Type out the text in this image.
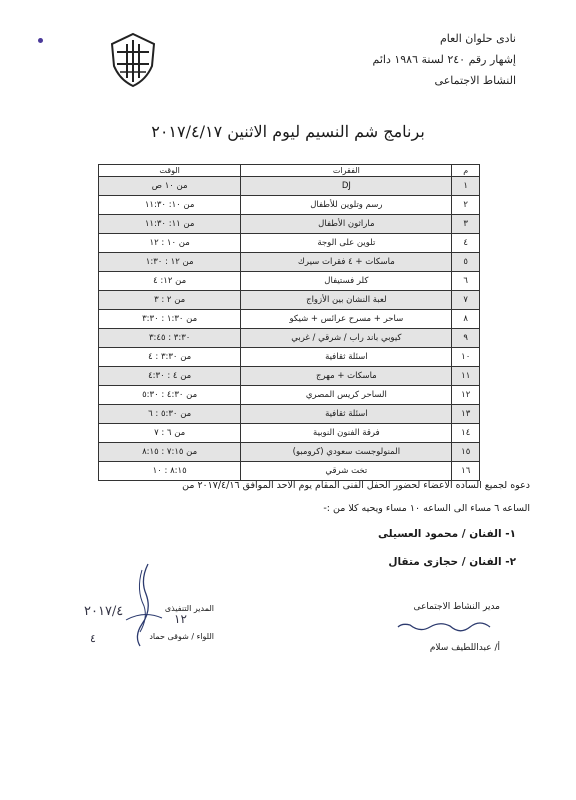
نادى حلوان العام
إشهار رقم ٢٤٠ لسنة ١٩٨٦ دائم
النشاط الاجتماعى
برنامج شم النسيم ليوم الاثنين ٢٠١٧/٤/١٧
م	الفقرات	الوقت
١	DJ	من ١٠ ص
٢	رسم وتلوين للأطفال	من ١٠: ١١:٣٠
٣	ماراثون الأطفال	من ١١: ١١:٣٠
٤	تلوين على الوجة	من ١٠ : ١٢
٥	ماسكات + ٤ فقرات سيرك	من ١٢ : ١:٣٠
٦	كلر فستيفال	من ١٢: ٤
٧	لعبة النشان بين الأزواج	من ٢ : ٣
٨	ساحر + مسرح عرائس + شيكو	من ١:٣٠ : ٣:٣٠
٩	كيوبي باند راب / شرقي / غربي	٣:٣٠ : ٣:٤٥
١٠	اسئلة ثقافية	من ٣:٣٠ : ٤
١١	ماسكات + مهرج	من ٤ : ٤:٣٠
١٢	الساحر كريس المصري	من ٤:٣٠ : ٥:٣٠
١٣	اسئلة ثقافية	من ٥:٣٠ : ٦
١٤	فرقة الفنون النوبية	من ٦ : ٧
١٥	المنولوجست سعودي (كرومبو)	من ٧:١٥ : ٨:١٥
١٦	تخت شرقي	٨:١٥ : ١٠
دعوه لجميع الساده الاعضاء لحضور الحفل الفنى المقام يوم الاحد الموافق ٢٠١٧/٤/١٦ من
الساعه ٦ مساء الى الساعه ١٠ مساء ويحيه كلا من :-
١- الفنان / محمود العسيلى
٢- الفنان / حجازى متقال
مدير النشاط الاجتماعى
أ/ عبداللطيف سلام
المدير التنفيذى
اللواء / شوقى حماد
٢٠١٧/٤	١٢
٤
